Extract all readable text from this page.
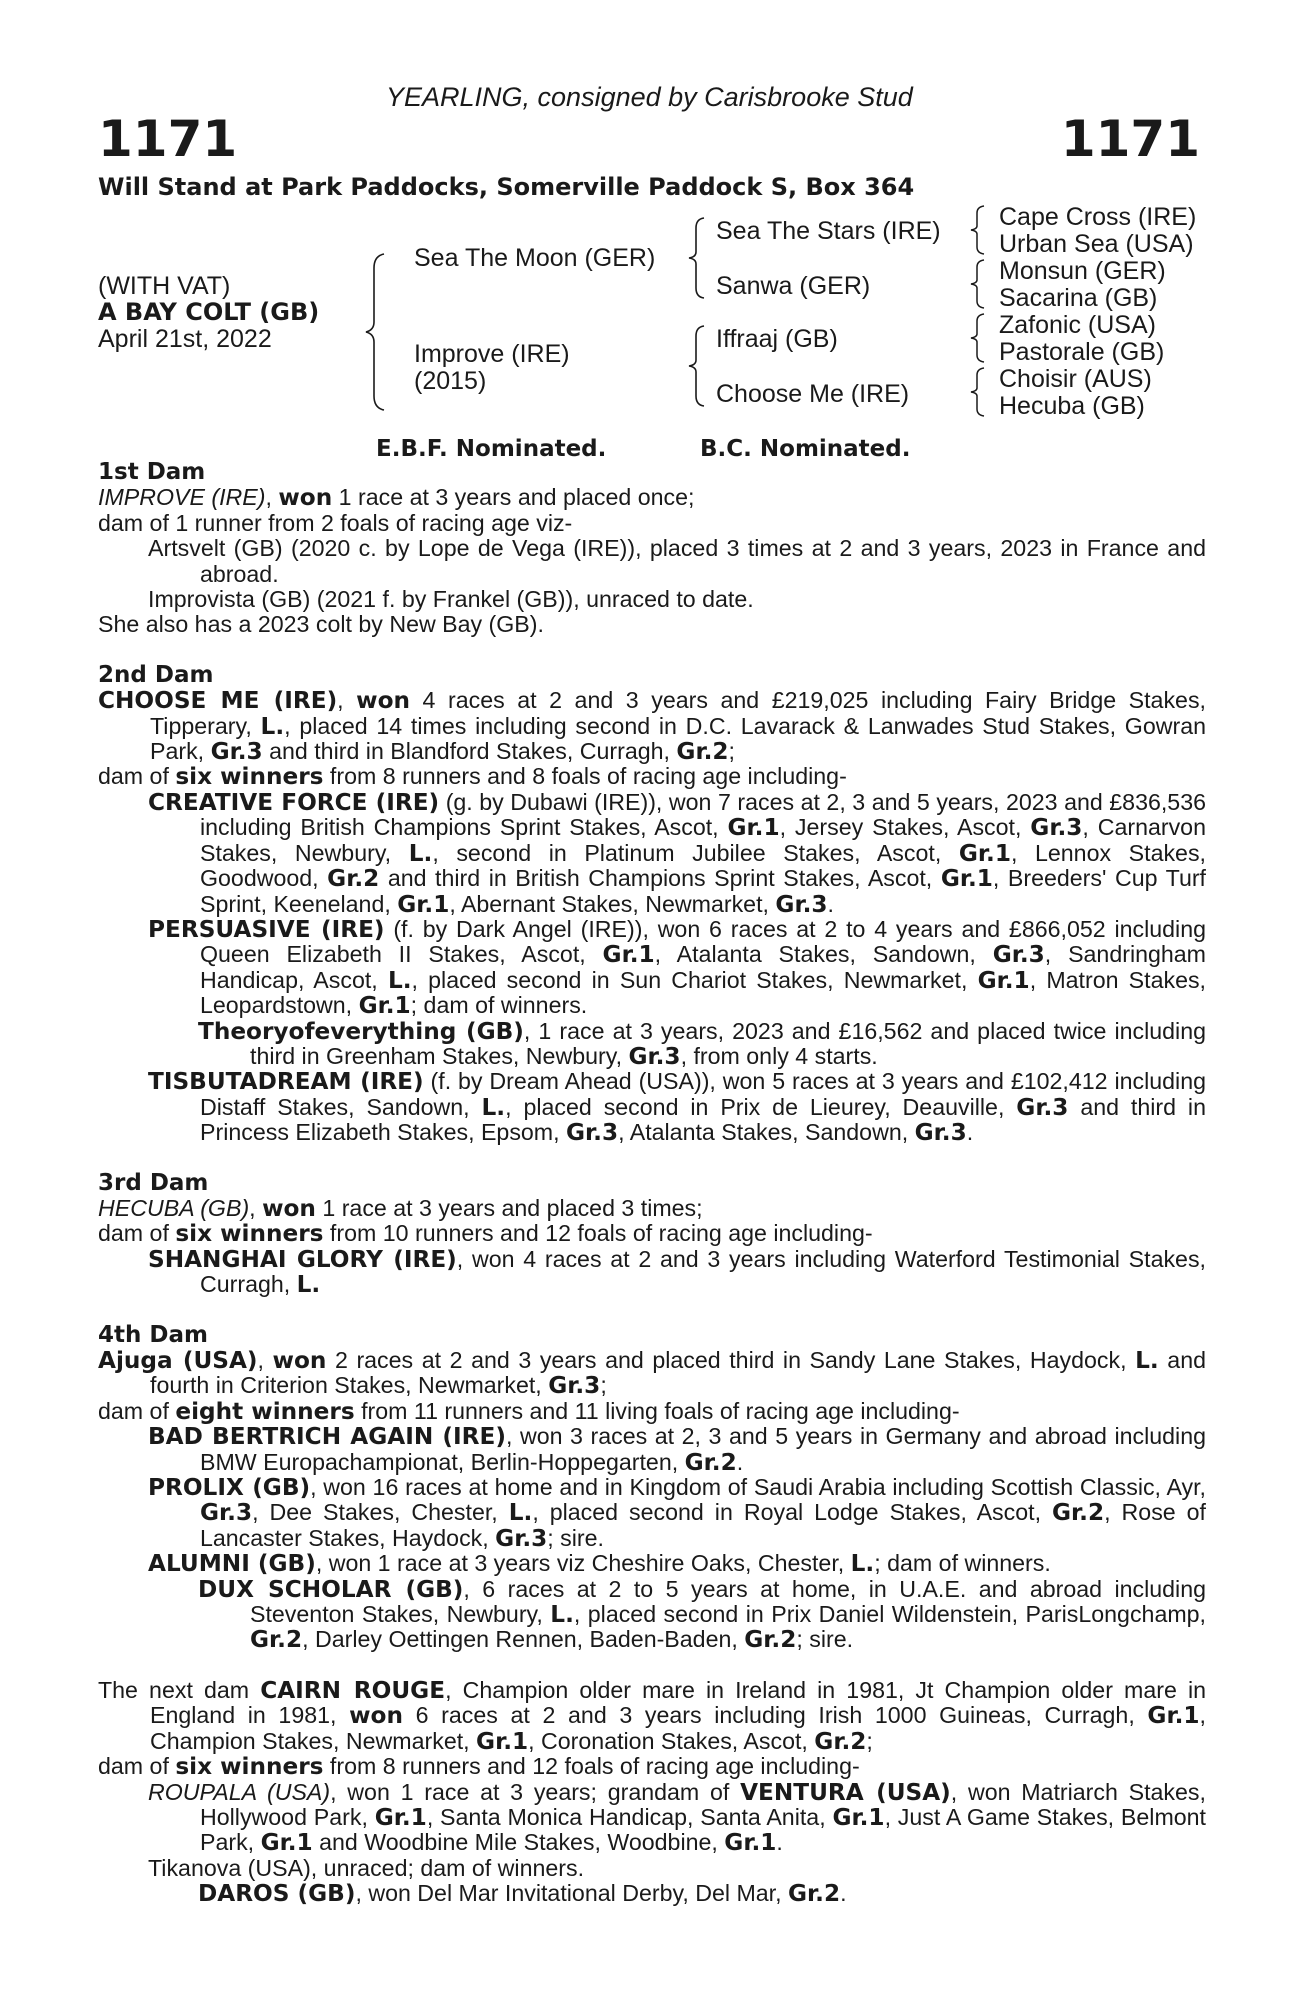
YEARLING, consigned by Carisbrooke Stud
1171	1171
Will Stand at Park Paddocks, Somerville Paddock S, Box 364
(WITH VAT)
A BAY COLT (GB)
April 21st, 2022
Sea The Moon (GER)
Improve (IRE)
(2015)
Sea The Stars (IRE)
Sanwa (GER)
Iffraaj (GB)
Choose Me (IRE)
Cape Cross (IRE)
Urban Sea (USA)
Monsun (GER)
Sacarina (GB)
Zafonic (USA)
Pastorale (GB)
Choisir (AUS)
Hecuba (GB)
E.B.F. Nominated.	B.C. Nominated.

1st Dam

IMPROVE (IRE), won 1 race at 3 years and placed once;

dam of 1 runner from 2 foals of racing age viz-

Artsvelt (GB) (2020 c. by Lope de Vega (IRE)), placed 3 times at 2 and 3 years, 2023 in France and abroad.

Improvista (GB) (2021 f. by Frankel (GB)), unraced to date.

She also has a 2023 colt by New Bay (GB).

2nd Dam

CHOOSE ME (IRE), won 4 races at 2 and 3 years and £219,025 including Fairy Bridge Stakes, Tipperary, L., placed 14 times including second in D.C. Lavarack & Lanwades Stud Stakes, Gowran Park, Gr.3 and third in Blandford Stakes, Curragh, Gr.2;

dam of six winners from 8 runners and 8 foals of racing age including-

CREATIVE FORCE (IRE) (g. by Dubawi (IRE)), won 7 races at 2, 3 and 5 years, 2023 and £836,536 including British Champions Sprint Stakes, Ascot, Gr.1, Jersey Stakes, Ascot, Gr.3, Carnarvon Stakes, Newbury, L., second in Platinum Jubilee Stakes, Ascot, Gr.1, Lennox Stakes, Goodwood, Gr.2 and third in British Champions Sprint Stakes, Ascot, Gr.1, Breeders' Cup Turf Sprint, Keeneland, Gr.1, Abernant Stakes, Newmarket, Gr.3.

PERSUASIVE (IRE) (f. by Dark Angel (IRE)), won 6 races at 2 to 4 years and £866,052 including Queen Elizabeth II Stakes, Ascot, Gr.1, Atalanta Stakes, Sandown, Gr.3, Sandringham Handicap, Ascot, L., placed second in Sun Chariot Stakes, Newmarket, Gr.1, Matron Stakes, Leopardstown, Gr.1; dam of winners.

Theoryofeverything (GB), 1 race at 3 years, 2023 and £16,562 and placed twice including third in Greenham Stakes, Newbury, Gr.3, from only 4 starts.

TISBUTADREAM (IRE) (f. by Dream Ahead (USA)), won 5 races at 3 years and £102,412 including Distaff Stakes, Sandown, L., placed second in Prix de Lieurey, Deauville, Gr.3 and third in Princess Elizabeth Stakes, Epsom, Gr.3, Atalanta Stakes, Sandown, Gr.3.

3rd Dam

HECUBA (GB), won 1 race at 3 years and placed 3 times;

dam of six winners from 10 runners and 12 foals of racing age including-

SHANGHAI GLORY (IRE), won 4 races at 2 and 3 years including Waterford Testimonial Stakes, Curragh, L.

4th Dam

Ajuga (USA), won 2 races at 2 and 3 years and placed third in Sandy Lane Stakes, Haydock, L. and fourth in Criterion Stakes, Newmarket, Gr.3;

dam of eight winners from 11 runners and 11 living foals of racing age including-

BAD BERTRICH AGAIN (IRE), won 3 races at 2, 3 and 5 years in Germany and abroad including BMW Europachampionat, Berlin-Hoppegarten, Gr.2.

PROLIX (GB), won 16 races at home and in Kingdom of Saudi Arabia including Scottish Classic, Ayr, Gr.3, Dee Stakes, Chester, L., placed second in Royal Lodge Stakes, Ascot, Gr.2, Rose of Lancaster Stakes, Haydock, Gr.3; sire.

ALUMNI (GB), won 1 race at 3 years viz Cheshire Oaks, Chester, L.; dam of winners.

DUX SCHOLAR (GB), 6 races at 2 to 5 years at home, in U.A.E. and abroad including Steventon Stakes, Newbury, L., placed second in Prix Daniel Wildenstein, ParisLongchamp, Gr.2, Darley Oettingen Rennen, Baden-Baden, Gr.2; sire.

The next dam CAIRN ROUGE, Champion older mare in Ireland in 1981, Jt Champion older mare in England in 1981, won 6 races at 2 and 3 years including Irish 1000 Guineas, Curragh, Gr.1, Champion Stakes, Newmarket, Gr.1, Coronation Stakes, Ascot, Gr.2;

dam of six winners from 8 runners and 12 foals of racing age including-

ROUPALA (USA), won 1 race at 3 years; grandam of VENTURA (USA), won Matriarch Stakes, Hollywood Park, Gr.1, Santa Monica Handicap, Santa Anita, Gr.1, Just A Game Stakes, Belmont Park, Gr.1 and Woodbine Mile Stakes, Woodbine, Gr.1.

Tikanova (USA), unraced; dam of winners.

DAROS (GB), won Del Mar Invitational Derby, Del Mar, Gr.2.
